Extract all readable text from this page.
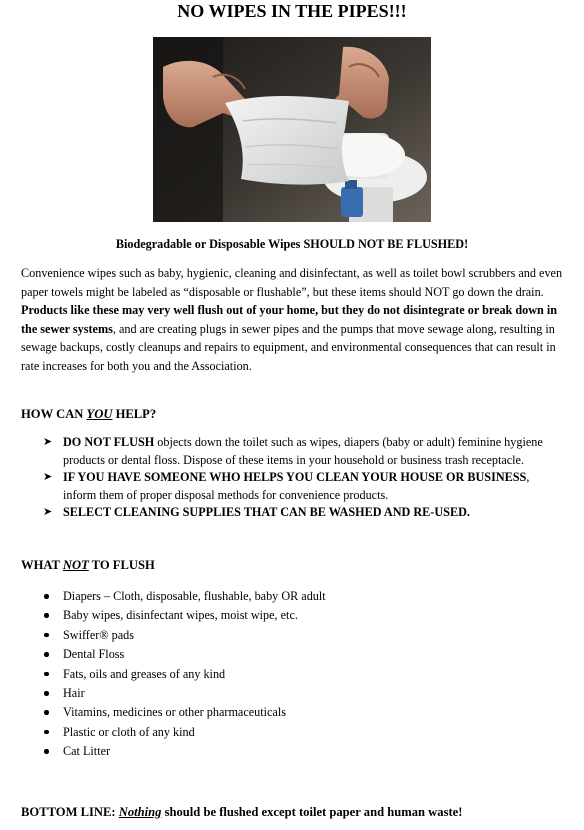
NO WIPES IN THE PIPES!!!
Biodegradable or Disposable Wipes SHOULD NOT BE FLUSHED!
Convenience wipes such as baby, hygienic, cleaning and disinfectant, as well as toilet bowl scrubbers and even paper towels might be labeled as “disposable or flushable”, but these items should NOT go down the drain. Products like these may very well flush out of your home, but they do not disintegrate or break down in the sewer systems, and are creating plugs in sewer pipes and the pumps that move sewage along, resulting in sewage backups, costly cleanups and repairs to equipment, and environmental consequences that can result in rate increases for both you and the Association.
HOW CAN YOU HELP?
➤ DO NOT FLUSH objects down the toilet such as wipes, diapers (baby or adult) feminine hygiene products or dental floss. Dispose of these items in your household or business trash receptacle.
➤ IF YOU HAVE SOMEONE WHO HELPS YOU CLEAN YOUR HOUSE OR BUSINESS, inform them of proper disposal methods for convenience products.
➤ SELECT CLEANING SUPPLIES THAT CAN BE WASHED AND RE-USED.
WHAT NOT TO FLUSH
Diapers – Cloth, disposable, flushable, baby OR adult
Baby wipes, disinfectant wipes, moist wipe, etc.
Swiffer® pads
Dental Floss
Fats, oils and greases of any kind
Hair
Vitamins, medicines or other pharmaceuticals
Plastic or cloth of any kind
Cat Litter
BOTTOM LINE: Nothing should be flushed except toilet paper and human waste!
